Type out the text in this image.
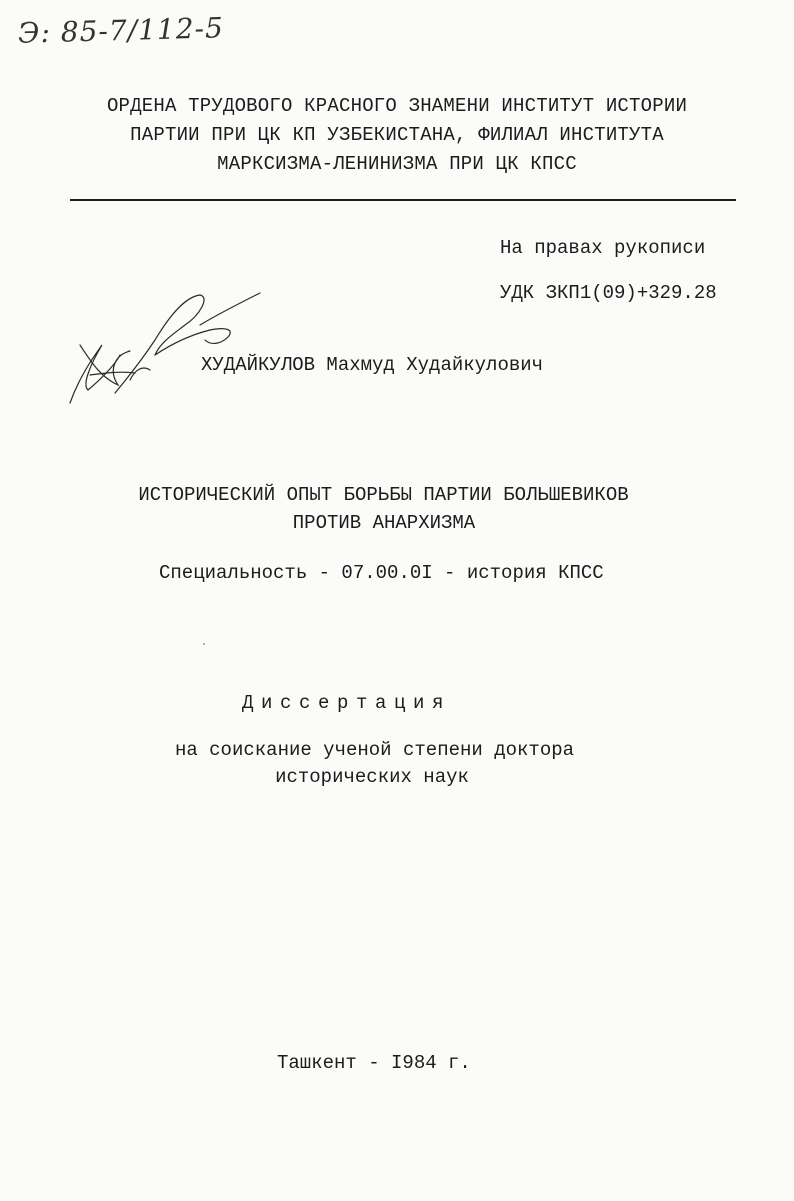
Э: 85-7/112-5
ОРДЕНА ТРУДОВОГО КРАСНОГО ЗНАМЕНИ ИНСТИТУТ ИСТОРИИ
ПАРТИИ ПРИ ЦК КП УЗБЕКИСТАНА, ФИЛИАЛ ИНСТИТУТА
МАРКСИЗМА-ЛЕНИНИЗМА ПРИ ЦК КПСС
На правах рукописи
УДК ЗКП1(09)+329.28
ХУДАЙКУЛОВ Махмуд Худайкулович
ИСТОРИЧЕСКИЙ ОПЫТ БОРЬБЫ ПАРТИИ БОЛЬШЕВИКОВ
ПРОТИВ АНАРХИЗМА
Специальность - 07.00.0I - история КПСС
Диссертация
на соискание ученой степени доктора
исторических наук
Ташкент - I984 г.
